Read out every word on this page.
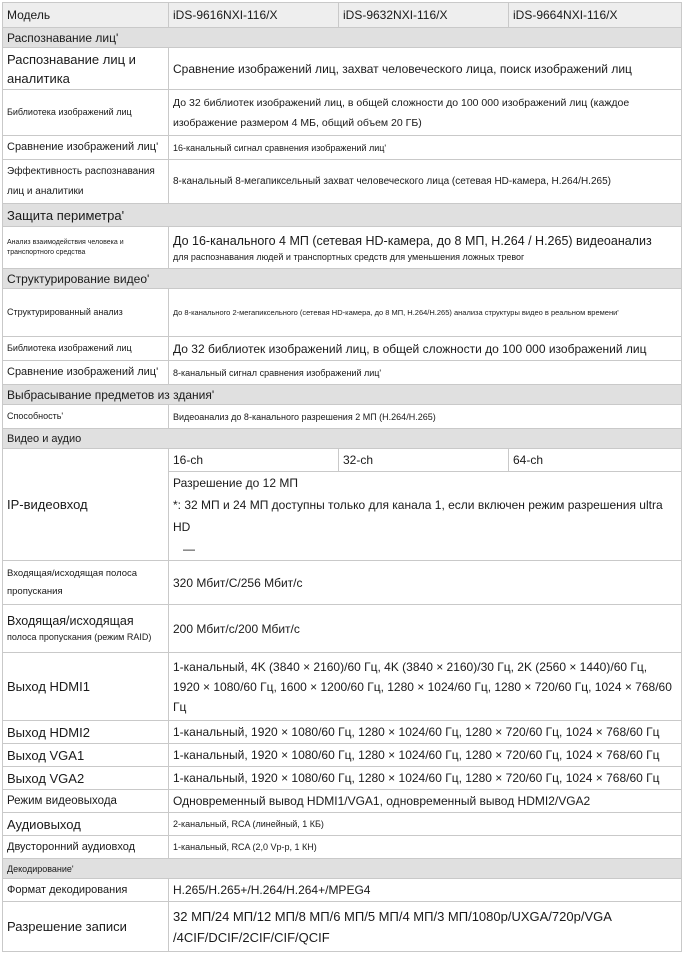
Модель	iDS-9616NXI-116/X	iDS-9632NXI-116/X	iDS-9664NXI-116/X
Распознавание лиц'			
Распознавание лиц и аналитика	Сравнение изображений лиц, захват человеческого лица, поиск изображений лиц		
Библиотека изображений лиц	До 32 библиотек изображений лиц, в общей сложности до 100 000 изображений лиц (каждое изображение размером 4 МБ, общий объем 20 ГБ)		
Сравнение изображений лиц'	16-канальный сигнал сравнения изображений лиц'		
Эффективность распознавания лиц и аналитики	8-канальный 8-мегапиксельный захват человеческого лица (сетевая HD-камера, H.264/H.265)		
Защита периметра'			
Анализ взаимодействия человека и транспортного средства	До 16-канального 4 МП (сетевая HD-камера, до 8 МП, H.264 / H.265) видеоанализ
для распознавания людей и транспортных средств для уменьшения ложных тревог		

Структурирование видео'			
Структурированный анализ	До 8-канального 2-мегапиксельного (сетевая HD-камера, до 8 МП, H.264/H.265) анализа структуры видео в реальном времени'		
Библиотека изображений лиц	До 32 библиотек изображений лиц, в общей сложности до 100 000 изображений лиц		
Сравнение изображений лиц'	8-канальный сигнал сравнения изображений лиц'		
Выбрасывание предметов из здания'			
Способность'	Видеоанализ до 8-канального разрешения 2 МП (H.264/H.265)		
Видео и аудио			
IP-видеовход	16-ch	32-ch	64-ch

	Разрешение до 12 МП
*: 32 МП и 24 МП доступны только для канала 1, если включен режим разрешения ultra HD
—		

Входящая/исходящая полоса пропускания	320 Мбит/С/256 Мбит/с		

Входящая/исходящая
полоса пропускания (режим RAID)	200 Мбит/с/200 Мбит/с		
Выход HDMI1	1-канальный, 4K (3840 × 2160)/60 Гц, 4K (3840 × 2160)/30 Гц, 2K (2560 × 1440)/60 Гц, 1920 × 1080/60 Гц, 1600 × 1200/60 Гц, 1280 × 1024/60 Гц, 1280 × 720/60 Гц, 1024 × 768/60 Гц		
Выход HDMI2	1-канальный, 1920 × 1080/60 Гц, 1280 × 1024/60 Гц, 1280 × 720/60 Гц, 1024 × 768/60 Гц		
Выход VGA1	1-канальный, 1920 × 1080/60 Гц, 1280 × 1024/60 Гц, 1280 × 720/60 Гц, 1024 × 768/60 Гц		
Выход VGA2	1-канальный, 1920 × 1080/60 Гц, 1280 × 1024/60 Гц, 1280 × 720/60 Гц, 1024 × 768/60 Гц		
Режим видеовыхода	Одновременный вывод HDMI1/VGA1, одновременный вывод HDMI2/VGA2		
Аудиовыход	2-канальный, RCA (линейный, 1 КБ)		
Двусторонний аудиовход	1-канальный, RCA (2,0 Vp-p, 1 КН)		
Декодирование'			
Формат декодирования	H.265/H.265+/H.264/H.264+/MPEG4		
Разрешение записи	32 МП/24 МП/12 МП/8 МП/6 МП/5 МП/4 МП/3 МП/1080p/UXGA/720p/VGA /4CIF/DCIF/2CIF/CIF/QCIF		
